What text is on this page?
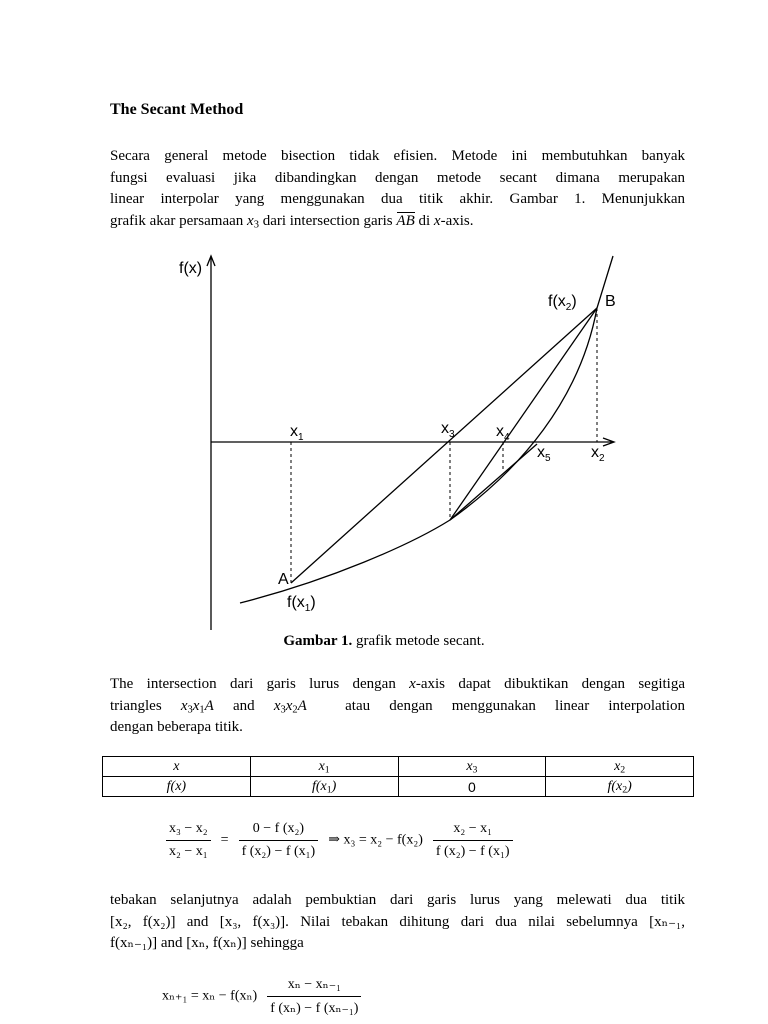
The Secant Method
Secara general metode bisection tidak efisien. Metode ini membutuhkan banyak
fungsi evaluasi jika dibandingkan dengan metode secant dimana merupakan
linear interpolar yang menggunakan dua titik akhir. Gambar 1. Menunjukkan
grafik akar persamaan $x_3$ dari intersection garis AB di x-axis.
f(x)
$f(x_2)$ B
$x_1$
$x_3$	$x_4$
$x_5$	$x_2$
A
$f(x_1)$
Gambar 1. grafik metode secant.
The intersection dari garis lurus dengan x-axis dapat dibuktikan dengan segitiga
triangles $x_3x_1A$ and $x_3x_2A$  atau dengan menggunakan linear interpolation
dengan beberapa titik.
x	$x_1$	$x_3$	$x_2$
f(x)	$f(x_1)$	0	$f(x_2)$
$\frac{\text{x₃ − x₂}}{\text{x₂ − x₁}} = \frac{\text{0 − f (x₂)}}{\text{f (x₂) − f (x₁)}}$ ⇒ $x_3 = x_2 - f(x_2) \frac{\text{x₂ − x₁}}{\text{f (x₂) − f (x₁)}}$
tebakan selanjutnya adalah pembuktian dari garis lurus yang melewati dua titik
[x₂, f(x₂)] and [x₃, f(x₃)]. Nilai tebakan dihitung dari dua nilai sebelumnya [xₙ₋₁,
f(xₙ₋₁)] and [xₙ, f(xₙ)] sehingga
$x_{n+1} = x_n - f(x_n) \frac{\text{xₙ − xₙ₋₁}}{\text{f (xₙ) − f (xₙ₋₁)}}$
